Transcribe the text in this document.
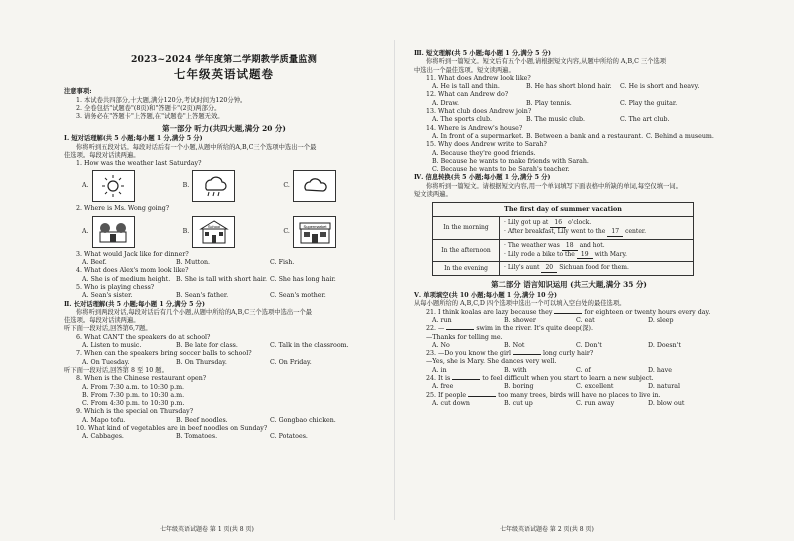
2023~2024 学年度第二学期教学质量监测
七年级英语试题卷

注意事项:

1. 本试卷共四部分,十大题,满分120分,考试时间为120分钟。

2. 全卷包括"试题卷"(8页)和"答题卡"(2页)两部分。

3. 请务必在"答题卡"上答题,在"试题卷"上答题无效。

第一部分 听力(共四大题,满分 20 分)

Ⅰ. 短对话理解(共 5 小题;每小题 1 分,满分 5 分)

你将听到五段对话。每段对话后有一个小题,从题中所给的A,B,C三个选项中选出一个最

佳选项。每段对话读两遍。

1. How was the weather last Saturday?

A.	B.	C.

2. Where is Ms. Wong going?

A.	B.
School
C.
Supermarket

3. What would Jack like for dinner?

A. Beef.	B. Mutton.	C. Fish.

4. What does Alex's mom look like?

A. She is of medium height. B. She is tall with short hair. C. She has long hair.

5. Who is playing chess?

A. Sean's sister.	B. Sean's father.	C. Sean's mother.

Ⅱ. 长对话理解(共 5 小题;每小题 1 分,满分 5 分)

你将听到两段对话,每段对话后有几个小题,从题中所给的A,B,C三个选项中选出一个最

佳选项。每段对话读两遍。

听下面一段对话,回答第6,7题。

6. What CAN'T the speakers do at school?

A. Listen to music.	B. Be late for class.	C. Talk in the classroom.

7. When can the speakers bring soccer balls to school?

A. On Tuesday.	B. On Thursday.	C. On Friday.

听下面一段对话,回答第 8 至 10 题。

8. When is the Chinese restaurant open?

A. From 7:30 a.m. to 10:30 p.m.

B. From 7:30 p.m. to 10:30 a.m.

C. From 4:30 p.m. to 10:30 p.m.

9. Which is the special on Thursday?

A. Mapo tofu.	B. Beef noodles.	C. Gongbao chicken.

10. What kind of vegetables are in beef noodles on Sunday?

A. Cabbages.	B. Tomatoes.	C. Potatoes.
七年级英语试题卷 第 1 页(共 8 页)

Ⅲ. 短文理解(共 5 小题;每小题 1 分,满分 5 分)

你将听到一篇短文。短文后有五个小题,请根据短文内容,从题中所给的 A,B,C 三个选项

中选出一个最佳选项。短文读两遍。

11. What does Andrew look like?

A. He is tall and thin.	B. He has short blond hair.	C. He is short and heavy.

12. What can Andrew do?

A. Draw.	B. Play tennis.	C. Play the guitar.

13. What club does Andrew join?

A. The sports club.	B. The music club.	C. The art club.

14. Where is Andrew's house?

A. In front of a supermarket. B. Between a bank and a restaurant. C. Behind a museum.

15. Why does Andrew write to Sarah?

A. Because they're good friends.

B. Because he wants to make friends with Sarah.

C. Because he wants to be Sarah's teacher.

Ⅳ. 信息转换(共 5 小题;每小题 1 分,满分 5 分)

你将听到一篇短文。请根据短文内容,用一个单词填写下面表格中所缺的单词,每空仅填一词。

短文读两遍。

The first day of summer vacation	
In the morning	· Lily got up at 16 o'clock.
· After breakfast, Lily went to the 17 center.

In the afternoon	· The weather was 18 and hot.
· Lily rode a bike to the 19 with Mary.

In the evening	· Lily's aunt 20 Sichuan food for them.
第二部分 语言知识运用 (共三大题,满分 35 分)

Ⅴ. 单项填空(共 10 小题;每小题 1 分,满分 10 分)

从每小题所给的 A,B,C,D 四个选项中选出一个可以填入空白处的最佳选项。

21. I think koalas are lazy because they	for eighteen or twenty hours every day.

A. run	B. shower	C. eat	D. sleep

22. —	swim in the river. It's quite deep(深).

—Thanks for telling me.

A. No	B. Not	C. Don't	D. Doesn't

23. —Do you know the girl	long curly hair?

—Yes, she is Mary. She dances very well.

A. in	B. with	C. of	D. have

24. It is	to feel difficult when you start to learn a new subject.

A. free	B. boring	C. excellent	D. natural

25. If people	too many trees, birds will have no places to live in.

A. cut down	B. cut up	C. run away	D. blow out
七年级英语试题卷 第 2 页(共 8 页)
